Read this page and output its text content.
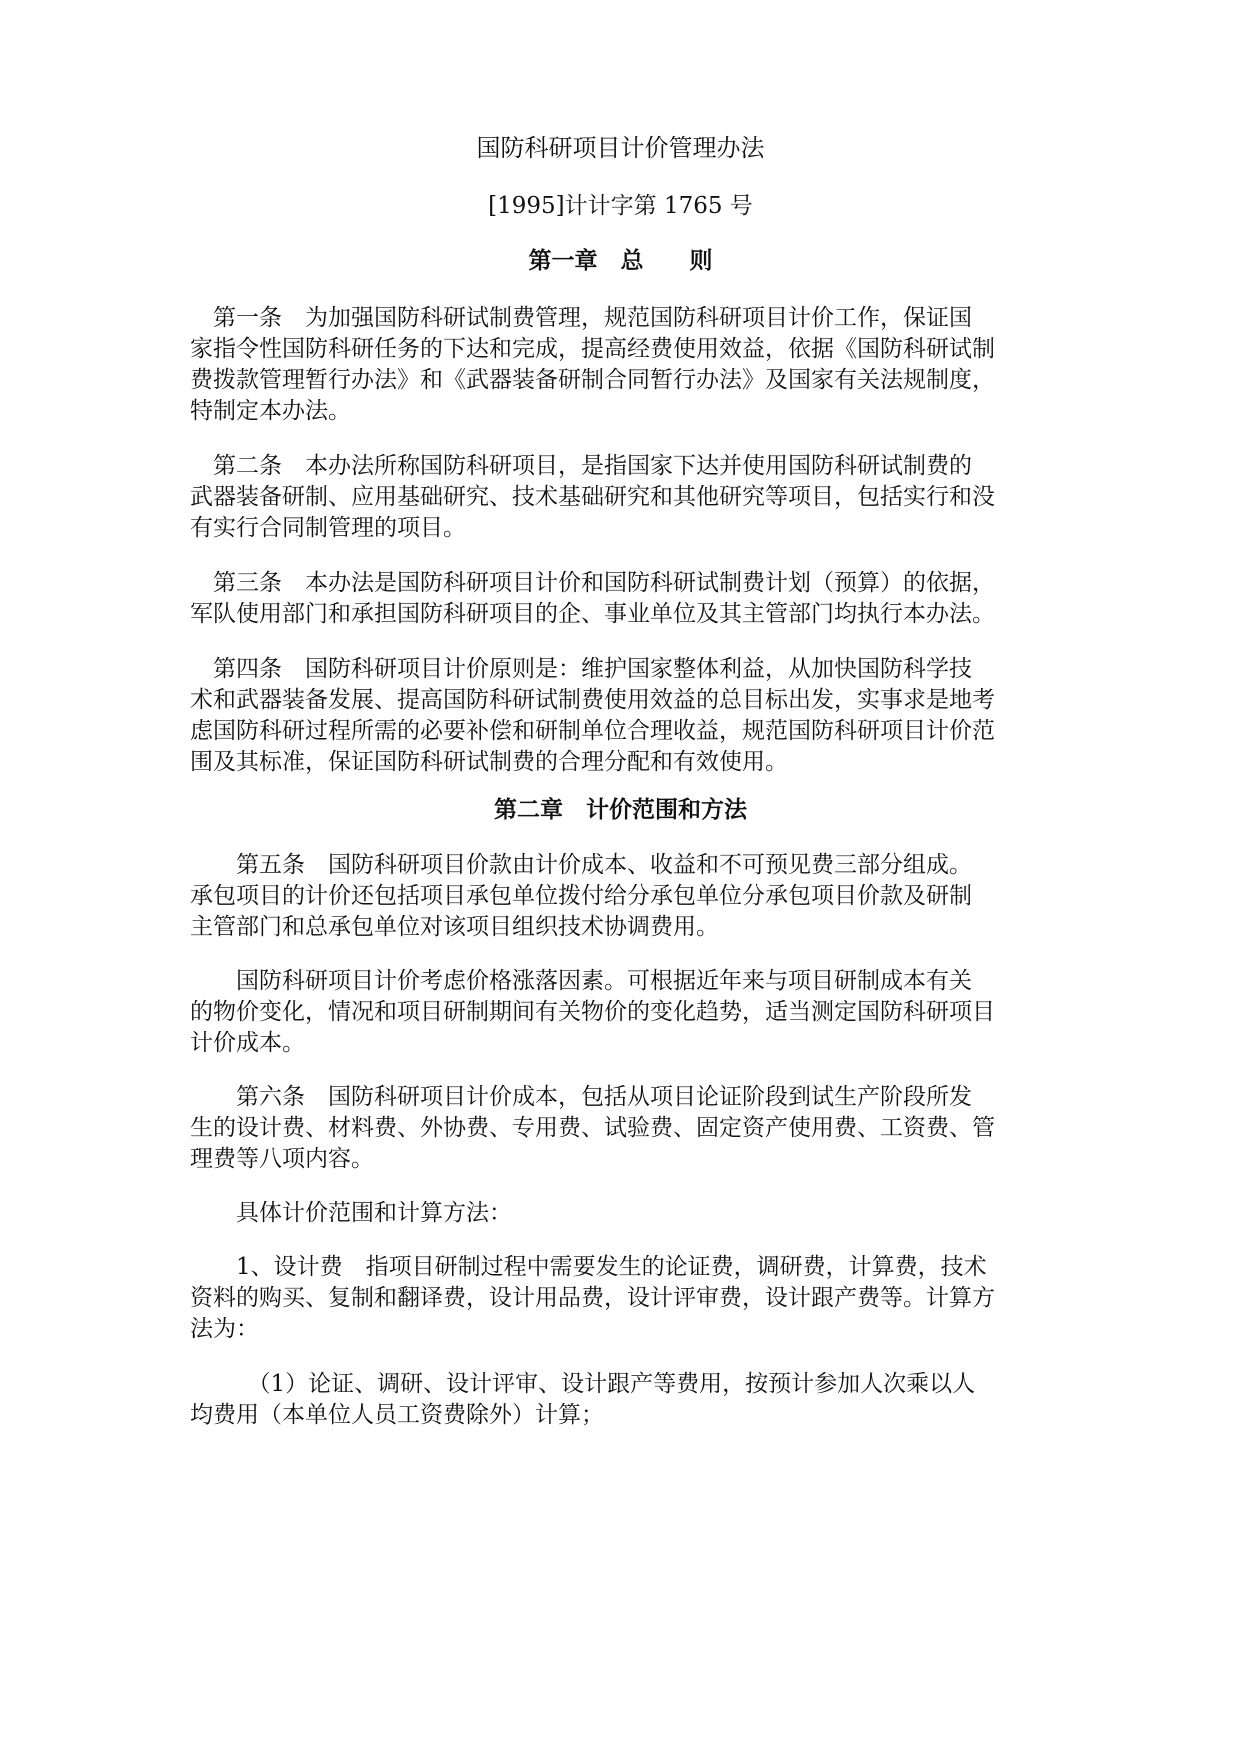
国防科研项目计价管理办法
[1995]计计字第 1765 号
第一章　总　　则
　第一条　为加强国防科研试制费管理，规范国防科研项目计价工作，保证国
家指令性国防科研任务的下达和完成，提高经费使用效益，依据《国防科研试制
费拨款管理暂行办法》和《武器装备研制合同暂行办法》及国家有关法规制度，
特制定本办法。
　第二条　本办法所称国防科研项目，是指国家下达并使用国防科研试制费的
武器装备研制、应用基础研究、技术基础研究和其他研究等项目，包括实行和没
有实行合同制管理的项目。
　第三条　本办法是国防科研项目计价和国防科研试制费计划（预算）的依据，
军队使用部门和承担国防科研项目的企、事业单位及其主管部门均执行本办法。
　第四条　国防科研项目计价原则是：维护国家整体利益，从加快国防科学技
术和武器装备发展、提高国防科研试制费使用效益的总目标出发，实事求是地考
虑国防科研过程所需的必要补偿和研制单位合理收益，规范国防科研项目计价范
围及其标准，保证国防科研试制费的合理分配和有效使用。
第二章　计价范围和方法
　　第五条　国防科研项目价款由计价成本、收益和不可预见费三部分组成。
承包项目的计价还包括项目承包单位拨付给分承包单位分承包项目价款及研制
主管部门和总承包单位对该项目组织技术协调费用。
　　国防科研项目计价考虑价格涨落因素。可根据近年来与项目研制成本有关
的物价变化，情况和项目研制期间有关物价的变化趋势，适当测定国防科研项目
计价成本。
　　第六条　国防科研项目计价成本，包括从项目论证阶段到试生产阶段所发
生的设计费、材料费、外协费、专用费、试验费、固定资产使用费、工资费、管
理费等八项内容。
　　具体计价范围和计算方法：
　　1、设计费　指项目研制过程中需要发生的论证费，调研费，计算费，技术
资料的购买、复制和翻译费，设计用品费，设计评审费，设计跟产费等。计算方
法为：
　　　（1）论证、调研、设计评审、设计跟产等费用，按预计参加人次乘以人
均费用（本单位人员工资费除外）计算；
